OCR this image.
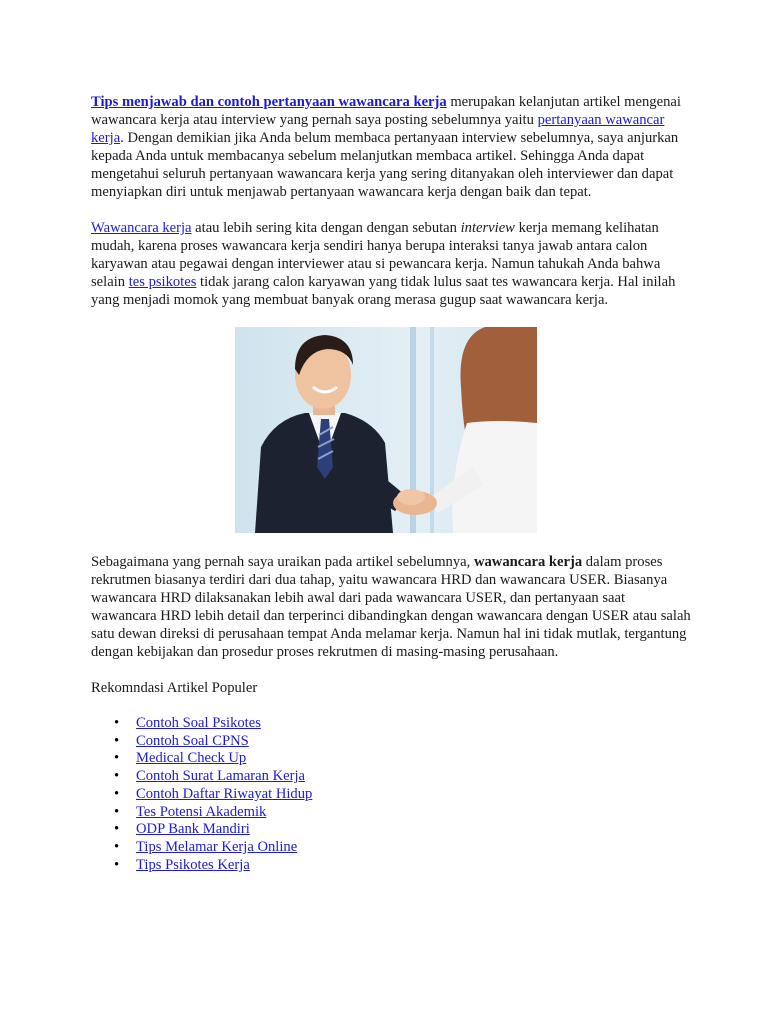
Tips menjawab dan contoh pertanyaan wawancara kerja merupakan kelanjutan artikel mengenai wawancara kerja atau interview yang pernah saya posting sebelumnya yaitu pertanyaan wawancar kerja. Dengan demikian jika Anda belum membaca pertanyaan interview sebelumnya, saya anjurkan kepada Anda untuk membacanya sebelum melanjutkan membaca artikel. Sehingga Anda dapat mengetahui seluruh pertanyaan wawancara kerja yang sering ditanyakan oleh interviewer dan dapat menyiapkan diri untuk menjawab pertanyaan wawancara kerja dengan baik dan tepat.

Wawancara kerja atau lebih sering kita dengan dengan sebutan interview kerja memang kelihatan mudah, karena proses wawancara kerja sendiri hanya berupa interaksi tanya jawab antara calon karyawan atau pegawai dengan interviewer atau si pewancara kerja. Namun tahukah Anda bahwa selain tes psikotes tidak jarang calon karyawan yang tidak lulus saat tes wawancara kerja. Hal inilah yang menjadi momok yang membuat banyak orang merasa gugup saat wawancara kerja.

Sebagaimana yang pernah saya uraikan pada artikel sebelumnya, wawancara kerja dalam proses rekrutmen biasanya terdiri dari dua tahap, yaitu wawancara HRD dan wawancara USER. Biasanya wawancara HRD dilaksanakan lebih awal dari pada wawancara USER, dan pertanyaan saat wawancara HRD lebih detail dan terperinci dibandingkan dengan wawancara dengan USER atau salah satu dewan direksi di perusahaan tempat Anda melamar kerja. Namun hal ini tidak mutlak, tergantung dengan kebijakan dan prosedur proses rekrutmen di masing-masing perusahaan.

Rekomndasi Artikel Populer

• Contoh Soal Psikotes
• Contoh Soal CPNS
• Medical Check Up
• Contoh Surat Lamaran Kerja
• Contoh Daftar Riwayat Hidup
• Tes Potensi Akademik
• ODP Bank Mandiri
• Tips Melamar Kerja Online
• Tips Psikotes Kerja
